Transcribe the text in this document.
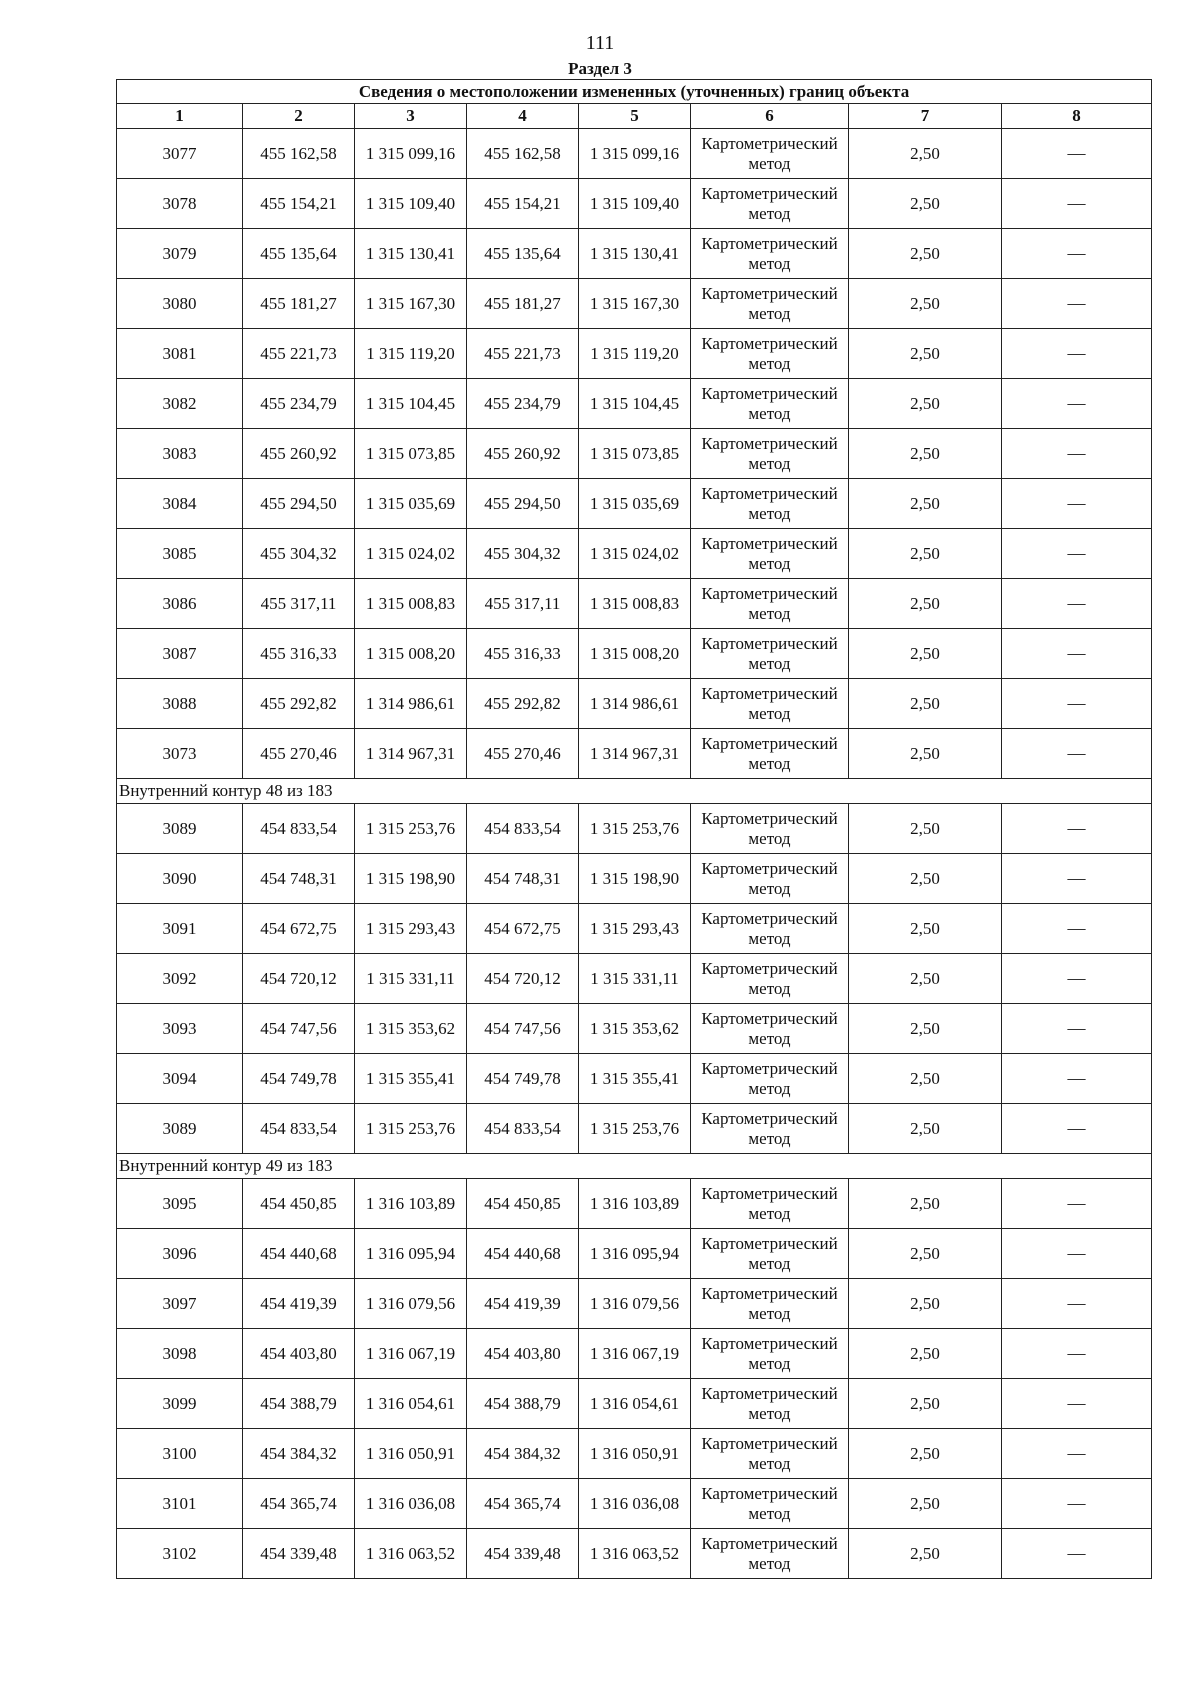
111
Раздел 3
Сведения о местоположении измененных (уточненных) границ объекта							
1	2	3	4	5	6	7	8
3077	455 162,58	1 315 099,16	455 162,58	1 315 099,16	Картометрический метод	2,50	—
3078	455 154,21	1 315 109,40	455 154,21	1 315 109,40	Картометрический метод	2,50	—
3079	455 135,64	1 315 130,41	455 135,64	1 315 130,41	Картометрический метод	2,50	—
3080	455 181,27	1 315 167,30	455 181,27	1 315 167,30	Картометрический метод	2,50	—
3081	455 221,73	1 315 119,20	455 221,73	1 315 119,20	Картометрический метод	2,50	—
3082	455 234,79	1 315 104,45	455 234,79	1 315 104,45	Картометрический метод	2,50	—
3083	455 260,92	1 315 073,85	455 260,92	1 315 073,85	Картометрический метод	2,50	—
3084	455 294,50	1 315 035,69	455 294,50	1 315 035,69	Картометрический метод	2,50	—
3085	455 304,32	1 315 024,02	455 304,32	1 315 024,02	Картометрический метод	2,50	—
3086	455 317,11	1 315 008,83	455 317,11	1 315 008,83	Картометрический метод	2,50	—
3087	455 316,33	1 315 008,20	455 316,33	1 315 008,20	Картометрический метод	2,50	—
3088	455 292,82	1 314 986,61	455 292,82	1 314 986,61	Картометрический метод	2,50	—
3073	455 270,46	1 314 967,31	455 270,46	1 314 967,31	Картометрический метод	2,50	—
Внутренний контур 48 из 183							
3089	454 833,54	1 315 253,76	454 833,54	1 315 253,76	Картометрический метод	2,50	—
3090	454 748,31	1 315 198,90	454 748,31	1 315 198,90	Картометрический метод	2,50	—
3091	454 672,75	1 315 293,43	454 672,75	1 315 293,43	Картометрический метод	2,50	—
3092	454 720,12	1 315 331,11	454 720,12	1 315 331,11	Картометрический метод	2,50	—
3093	454 747,56	1 315 353,62	454 747,56	1 315 353,62	Картометрический метод	2,50	—
3094	454 749,78	1 315 355,41	454 749,78	1 315 355,41	Картометрический метод	2,50	—
3089	454 833,54	1 315 253,76	454 833,54	1 315 253,76	Картометрический метод	2,50	—
Внутренний контур 49 из 183							
3095	454 450,85	1 316 103,89	454 450,85	1 316 103,89	Картометрический метод	2,50	—
3096	454 440,68	1 316 095,94	454 440,68	1 316 095,94	Картометрический метод	2,50	—
3097	454 419,39	1 316 079,56	454 419,39	1 316 079,56	Картометрический метод	2,50	—
3098	454 403,80	1 316 067,19	454 403,80	1 316 067,19	Картометрический метод	2,50	—
3099	454 388,79	1 316 054,61	454 388,79	1 316 054,61	Картометрический метод	2,50	—
3100	454 384,32	1 316 050,91	454 384,32	1 316 050,91	Картометрический метод	2,50	—
3101	454 365,74	1 316 036,08	454 365,74	1 316 036,08	Картометрический метод	2,50	—
3102	454 339,48	1 316 063,52	454 339,48	1 316 063,52	Картометрический метод	2,50	—
